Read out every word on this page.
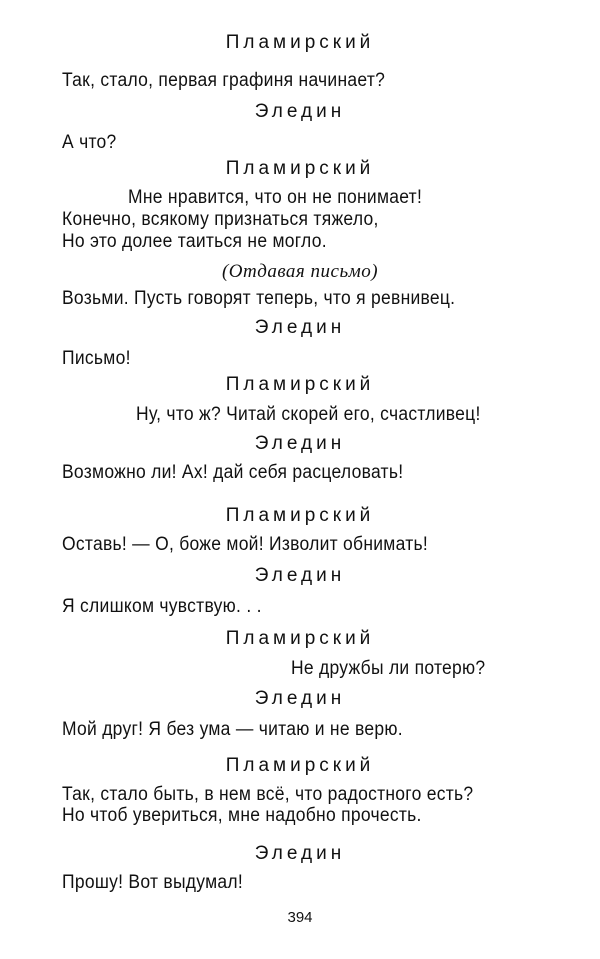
Пламирский
Так, стало, первая графиня начинает?
Эледин
А что?
Пламирский
Мне нравится, что он не понимает!
Конечно, всякому признаться тяжело,
Но это долее таиться не могло.
(Отдавая письмо)
Возьми. Пусть говорят теперь, что я ревнивец.
Эледин
Письмо!
Пламирский
Ну, что ж? Читай скорей его, счастливец!
Эледин
Возможно ли! Ах! дай себя расцеловать!
Пламирский
Оставь! — О, боже мой! Изволит обнимать!
Эледин
Я слишком чувствую. . .
Пламирский
Не дружбы ли потерю?
Эледин
Мой друг! Я без ума — читаю и не верю.
Пламирский
Так, стало быть, в нем всё, что радостного есть?
Но чтоб увериться, мне надобно прочесть.
Эледин
Прошу! Вот выдумал!
394
